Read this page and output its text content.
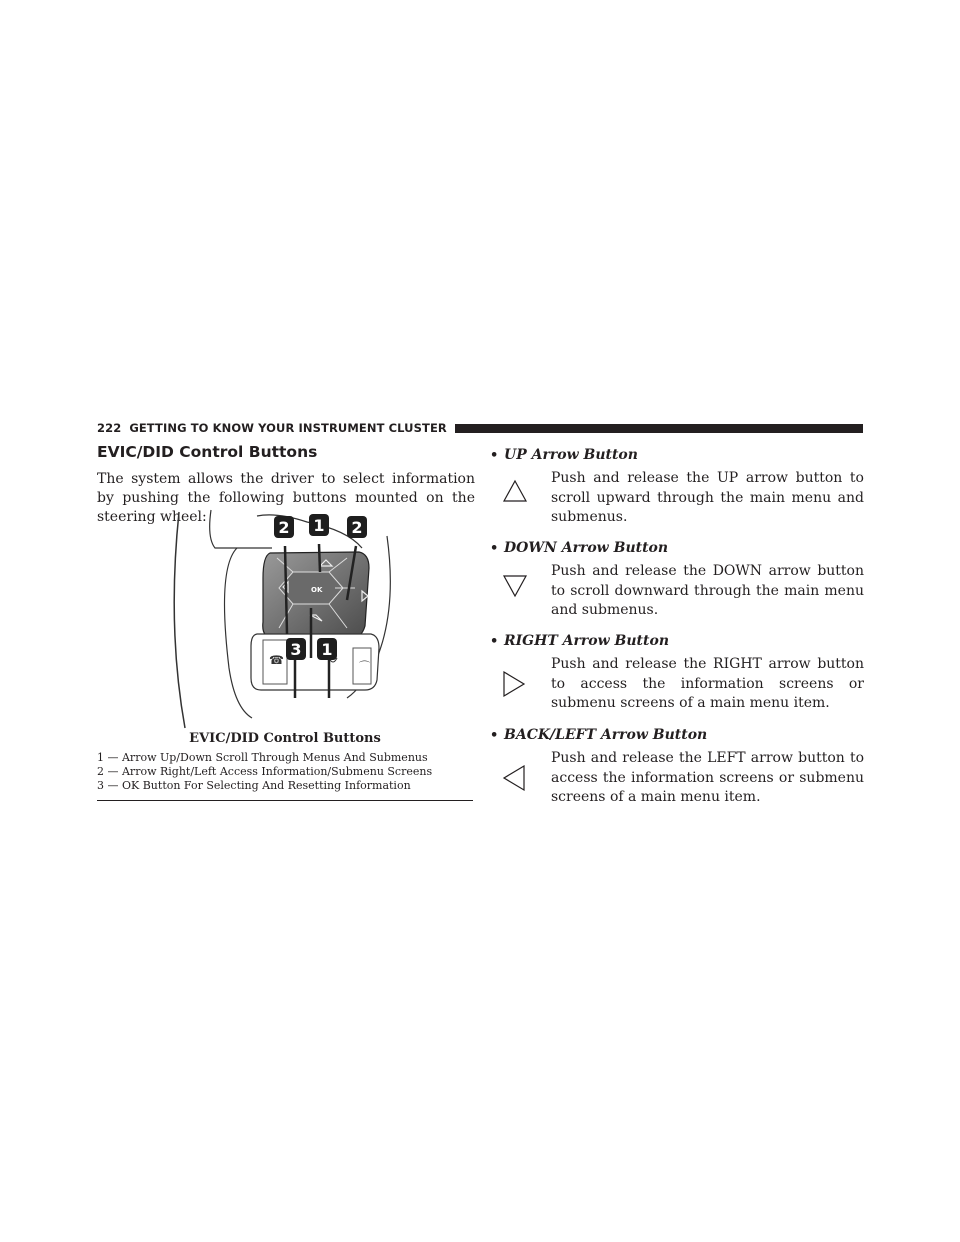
222 GETTING TO KNOW YOUR INSTRUMENT CLUSTER
EVIC/DID Control Buttons

The system allows the driver to select information by pushing the following buttons mounted on the steering wheel:

OK
☎	⌒
2 1 2
3 1
EVIC/DID Control Buttons
1 — Arrow Up/Down Scroll Through Menus And Submenus
2 — Arrow Right/Left Access Information/Submenu Screens
3 — OK Button For Selecting And Resetting Information
• UP Arrow Button

Push and release the UP arrow button to scroll upward through the main menu and submenus.

• DOWN Arrow Button

Push and release the DOWN arrow button to scroll downward through the main menu and submenus.

• RIGHT Arrow Button

Push and release the RIGHT arrow button to access the information screens or submenu screens of a main menu item.

• BACK/LEFT Arrow Button

Push and release the LEFT arrow button to access the information screens or submenu screens of a main menu item.
